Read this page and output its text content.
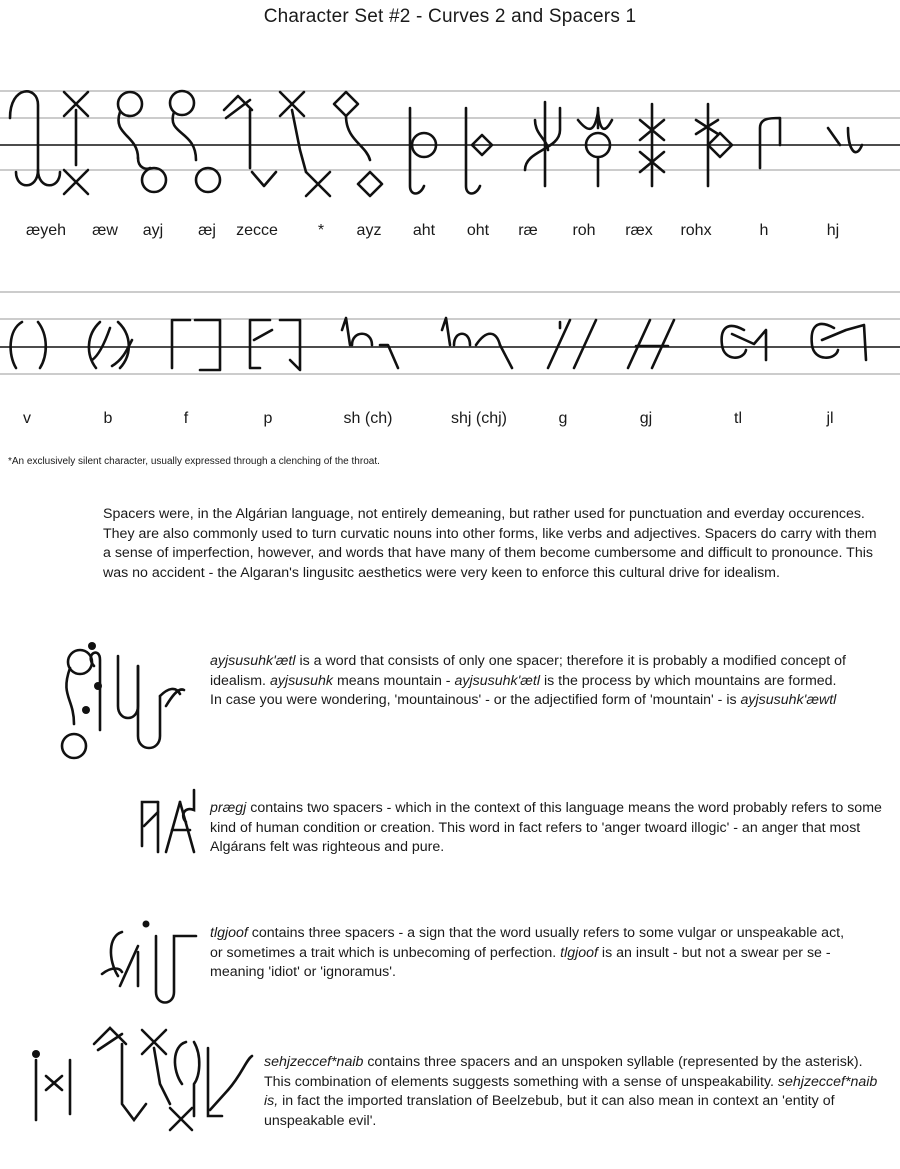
Character Set #2 - Curves 2 and Spacers 1
æyeh æw ayj æj zecce * ayz aht oht ræ roh ræx rohx	h	hj
v	b	f	p	sh (ch)	shj (chj)	g	gj	tl	jl
*An exclusively silent character, usually expressed through a clenching of the throat.
Spacers were, in the Algárian language, not entirely demeaning, but rather used for punctuation and everday occurences. They are also commonly used to turn curvatic nouns into other forms, like verbs and adjectives. Spacers do carry with them a sense of imperfection, however, and words that have many of them become cumbersome and difficult to pronounce. This was no accident - the Algaran's lingusitc aesthetics were very keen to enforce this cultural drive for idealism.
ayjsusuhk'ætl is a word that consists of only one spacer; therefore it is probably a modified concept of idealism. ayjsusuhk means mountain - ayjsusuhk'ætl is the process by which mountains are formed. In case you were wondering, 'mountainous' - or the adjectified form of 'mountain' - is ayjsusuhk'æwtl
prægj contains two spacers - which in the context of this language means the word probably refers to some kind of human condition or creation. This word in fact refers to 'anger twoard illogic' - an anger that most Algárans felt was righteous and pure.
tlgjoof contains three spacers - a sign that the word usually refers to some vulgar or unspeakable act, or sometimes a trait which is unbecoming of perfection. tlgjoof is an insult - but not a swear per se - meaning 'idiot' or 'ignoramus'.
sehjzeccef*naib contains three spacers and an unspoken syllable (represented by the asterisk). This combination of elements suggests something with a sense of unspeakability. sehjzeccef*naib is, in fact the imported translation of Beelzebub, but it can also mean in context an 'entity of unspeakable evil'.
